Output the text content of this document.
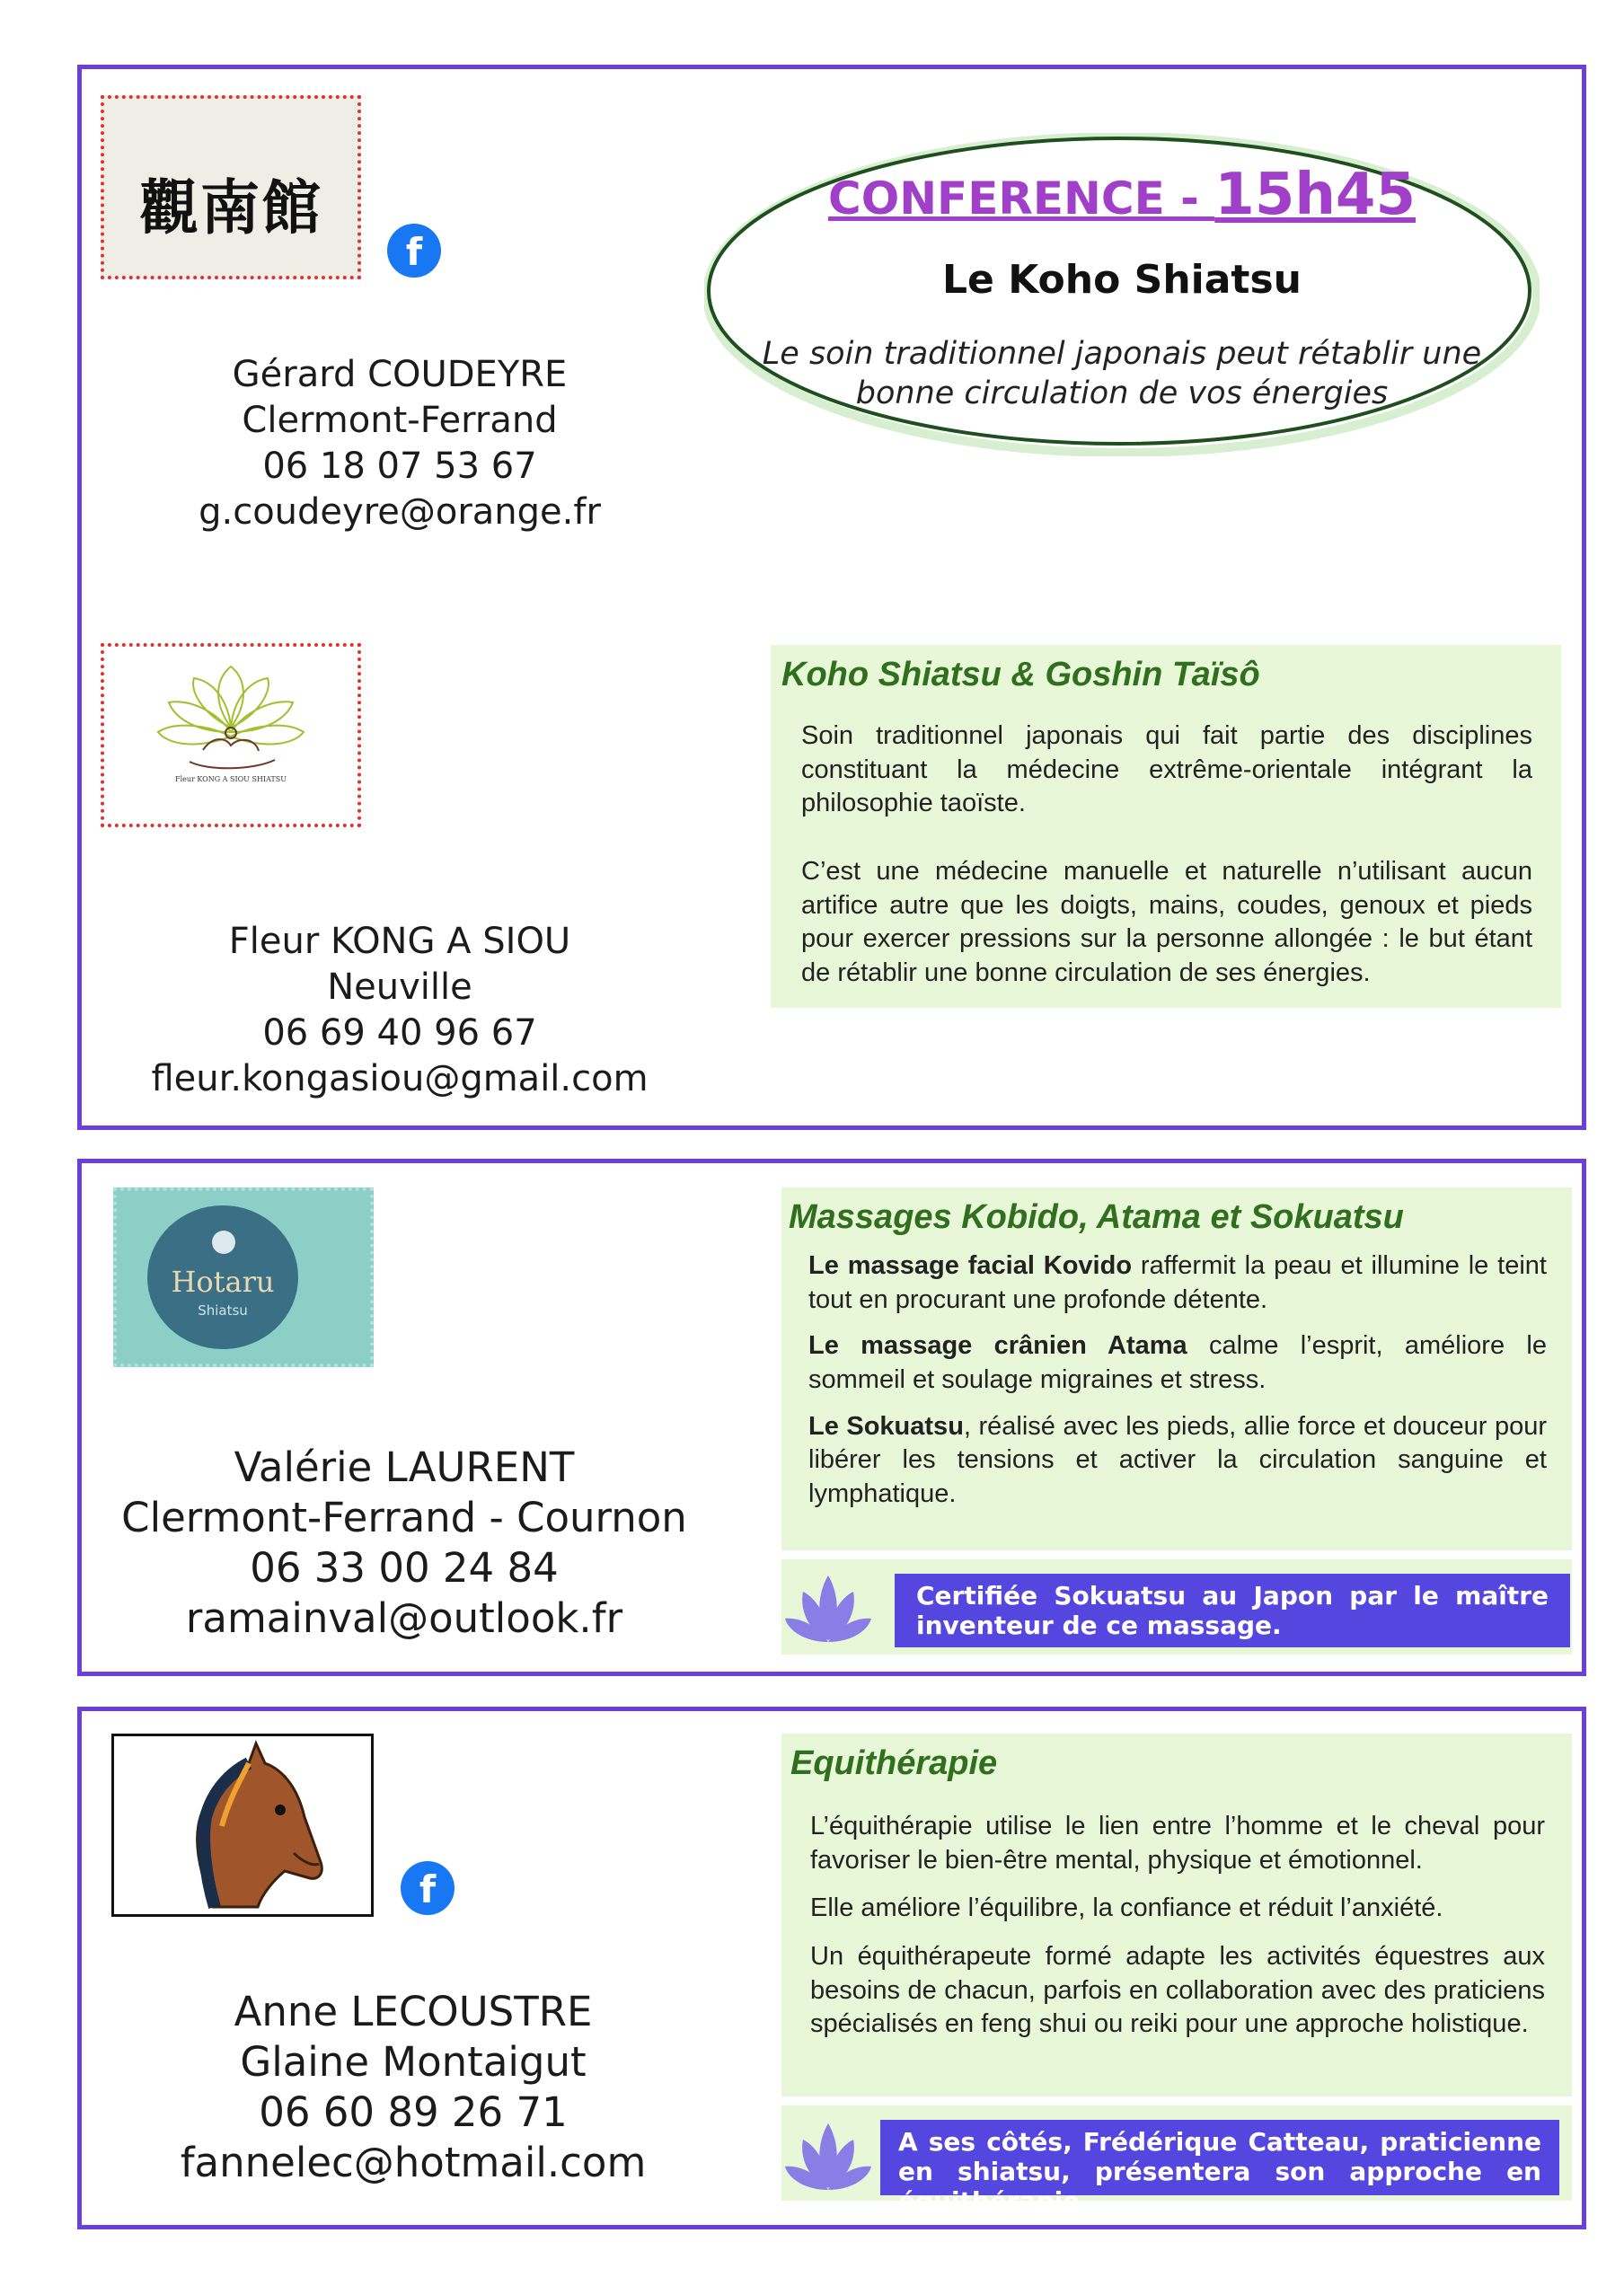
觀南館
f
Gérard COUDEYRE
Clermont-Ferrand
06 18 07 53 67
g.coudeyre@orange.fr
CONFERENCE - 15h45
Le Koho Shiatsu
Le soin traditionnel japonais peut rétablir une
bonne circulation de vos énergies
Fleur KONG A SIOU SHIATSU
Fleur KONG A SIOU
Neuville
06 69 40 96 67
fleur.kongasiou@gmail.com
Koho Shiatsu & Goshin Taïsô
Soin traditionnel japonais qui fait partie des disciplines constituant la médecine extrême-orientale intégrant la philosophie taoïste.
C’est une médecine manuelle et naturelle n’utilisant aucun artifice autre que les doigts, mains, coudes, genoux et pieds pour exercer pressions sur la personne allongée : le but étant de rétablir une bonne circulation de ses énergies.
Hotaru
Shiatsu
Valérie LAURENT
Clermont-Ferrand - Cournon
06 33 00 24 84
ramainval@outlook.fr
Massages Kobido, Atama et Sokuatsu
Le massage facial Kovido raffermit la peau et illumine le teint tout en procurant une profonde détente.
Le massage crânien Atama calme l’esprit, améliore le sommeil et soulage migraines et stress.
Le Sokuatsu, réalisé avec les pieds, allie force et douceur pour libérer les tensions et activer la circulation sanguine et lymphatique.
Certifiée Sokuatsu au Japon par le maître inventeur de ce massage.
f
Anne LECOUSTRE
Glaine Montaigut
06 60 89 26 71
fannelec@hotmail.com
Equithérapie
L’équithérapie utilise le lien entre l’homme et le cheval pour favoriser le bien-être mental, physique et émotionnel.
Elle améliore l’équilibre, la confiance et réduit l’anxiété.
Un équithérapeute formé adapte les activités équestres aux besoins de chacun, parfois en collaboration avec des praticiens spécialisés en feng shui ou reiki pour une approche holistique.
A ses côtés, Frédérique Catteau, praticienne en shiatsu, présentera son approche en équithérapie
